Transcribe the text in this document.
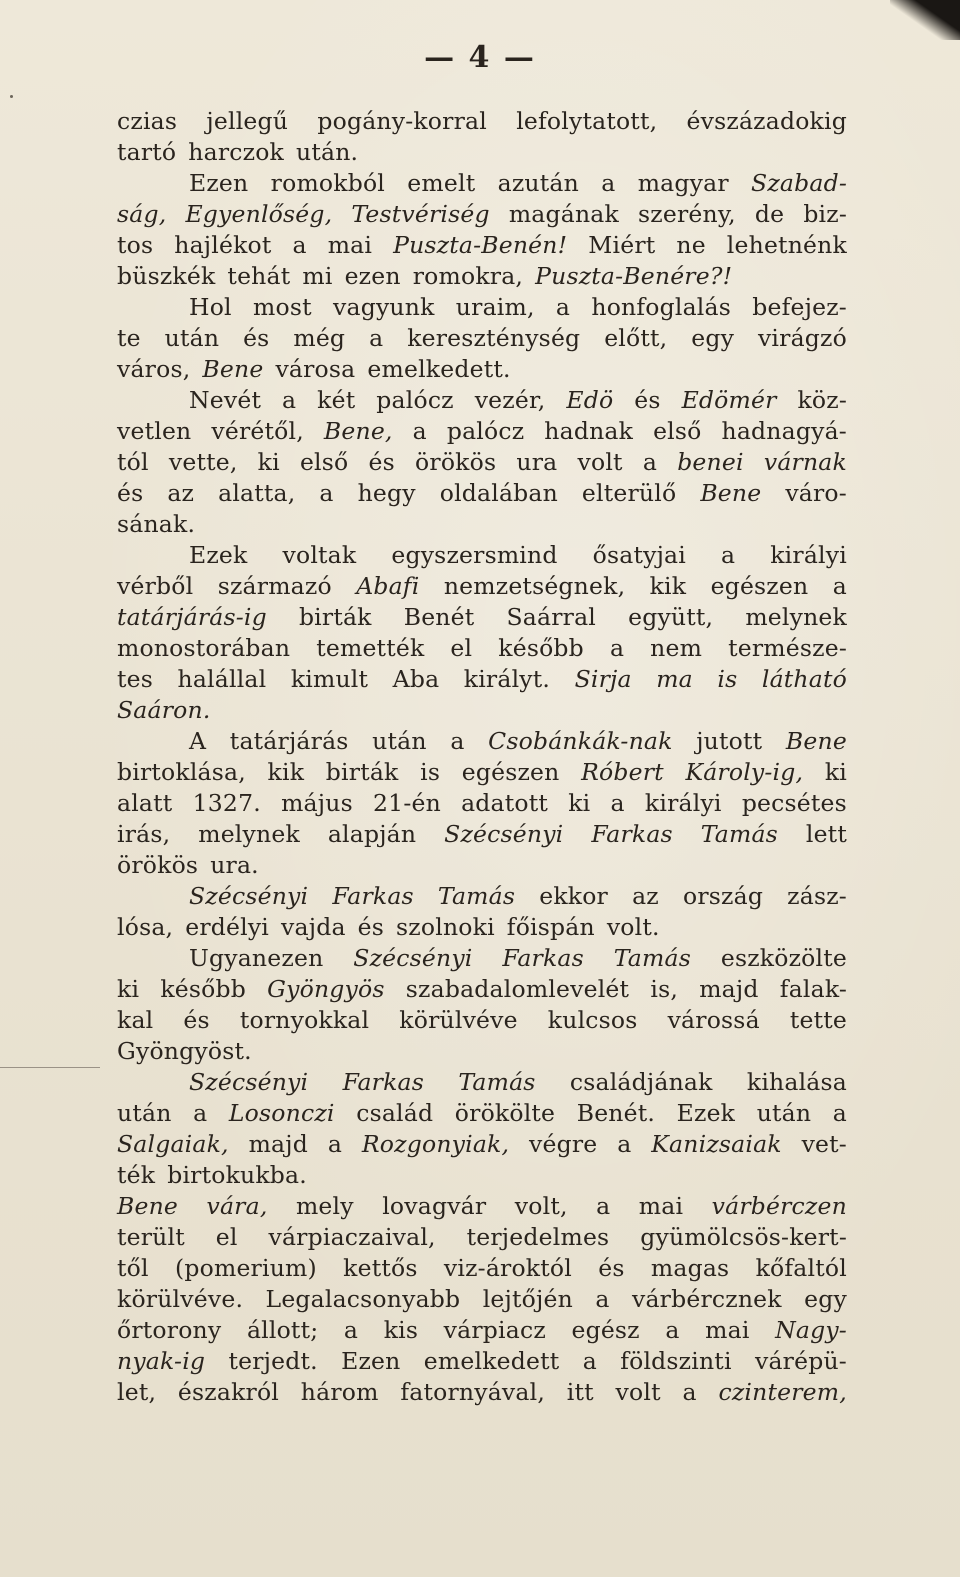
— 4 —
czias jellegű pogány-korral lefolytatott, évszázadokig
tartó harczok után.
Ezen romokból emelt azután a magyar Szabad-
ság, Egyenlőség, Testvériség magának szerény, de biz-
tos hajlékot a mai Puszta-Benén! Miért ne lehetnénk
büszkék tehát mi ezen romokra, Puszta-Benére?!
Hol most vagyunk uraim, a honfoglalás befejez-
te után és még a kereszténység előtt, egy virágzó
város, Bene városa emelkedett.
Nevét a két palócz vezér, Edö és Edömér köz-
vetlen vérétől, Bene, a palócz hadnak első hadnagyá-
tól vette, ki első és örökös ura volt a benei várnak
és az alatta, a hegy oldalában elterülő Bene váro-
sának.
Ezek voltak egyszersmind ősatyjai a királyi
vérből származó Abafi nemzetségnek, kik egészen a
tatárjárás-ig birták Benét Saárral együtt, melynek
monostorában temették el később a nem természe-
tes halállal kimult Aba királyt. Sirja ma is látható
Saáron.
A tatárjárás után a Csobánkák-nak jutott Bene
birtoklása, kik birták is egészen Róbert Károly-ig, ki
alatt 1327. május 21-én adatott ki a királyi pecsétes
irás, melynek alapján Szécsényi Farkas Tamás lett
örökös ura.
Szécsényi Farkas Tamás ekkor az ország zász-
lósa, erdélyi vajda és szolnoki főispán volt.
Ugyanezen Szécsényi Farkas Tamás eszközölte
ki később Gyöngyös szabadalomlevelét is, majd falak-
kal és tornyokkal körülvéve kulcsos várossá tette
Gyöngyöst.
Szécsényi Farkas Tamás családjának kihalása
után a Losonczi család örökölte Benét. Ezek után a
Salgaiak, majd a Rozgonyiak, végre a Kanizsaiak vet-
ték birtokukba.
Bene vára, mely lovagvár volt, a mai várbérczen
terült el várpiaczaival, terjedelmes gyümölcsös-kert-
től (pomerium) kettős viz-ároktól és magas kőfaltól
körülvéve. Legalacsonyabb lejtőjén a várbércznek egy
őrtorony állott; a kis várpiacz egész a mai Nagy-
nyak-ig terjedt. Ezen emelkedett a földszinti várépü-
let, északról három fatornyával, itt volt a czinterem,
